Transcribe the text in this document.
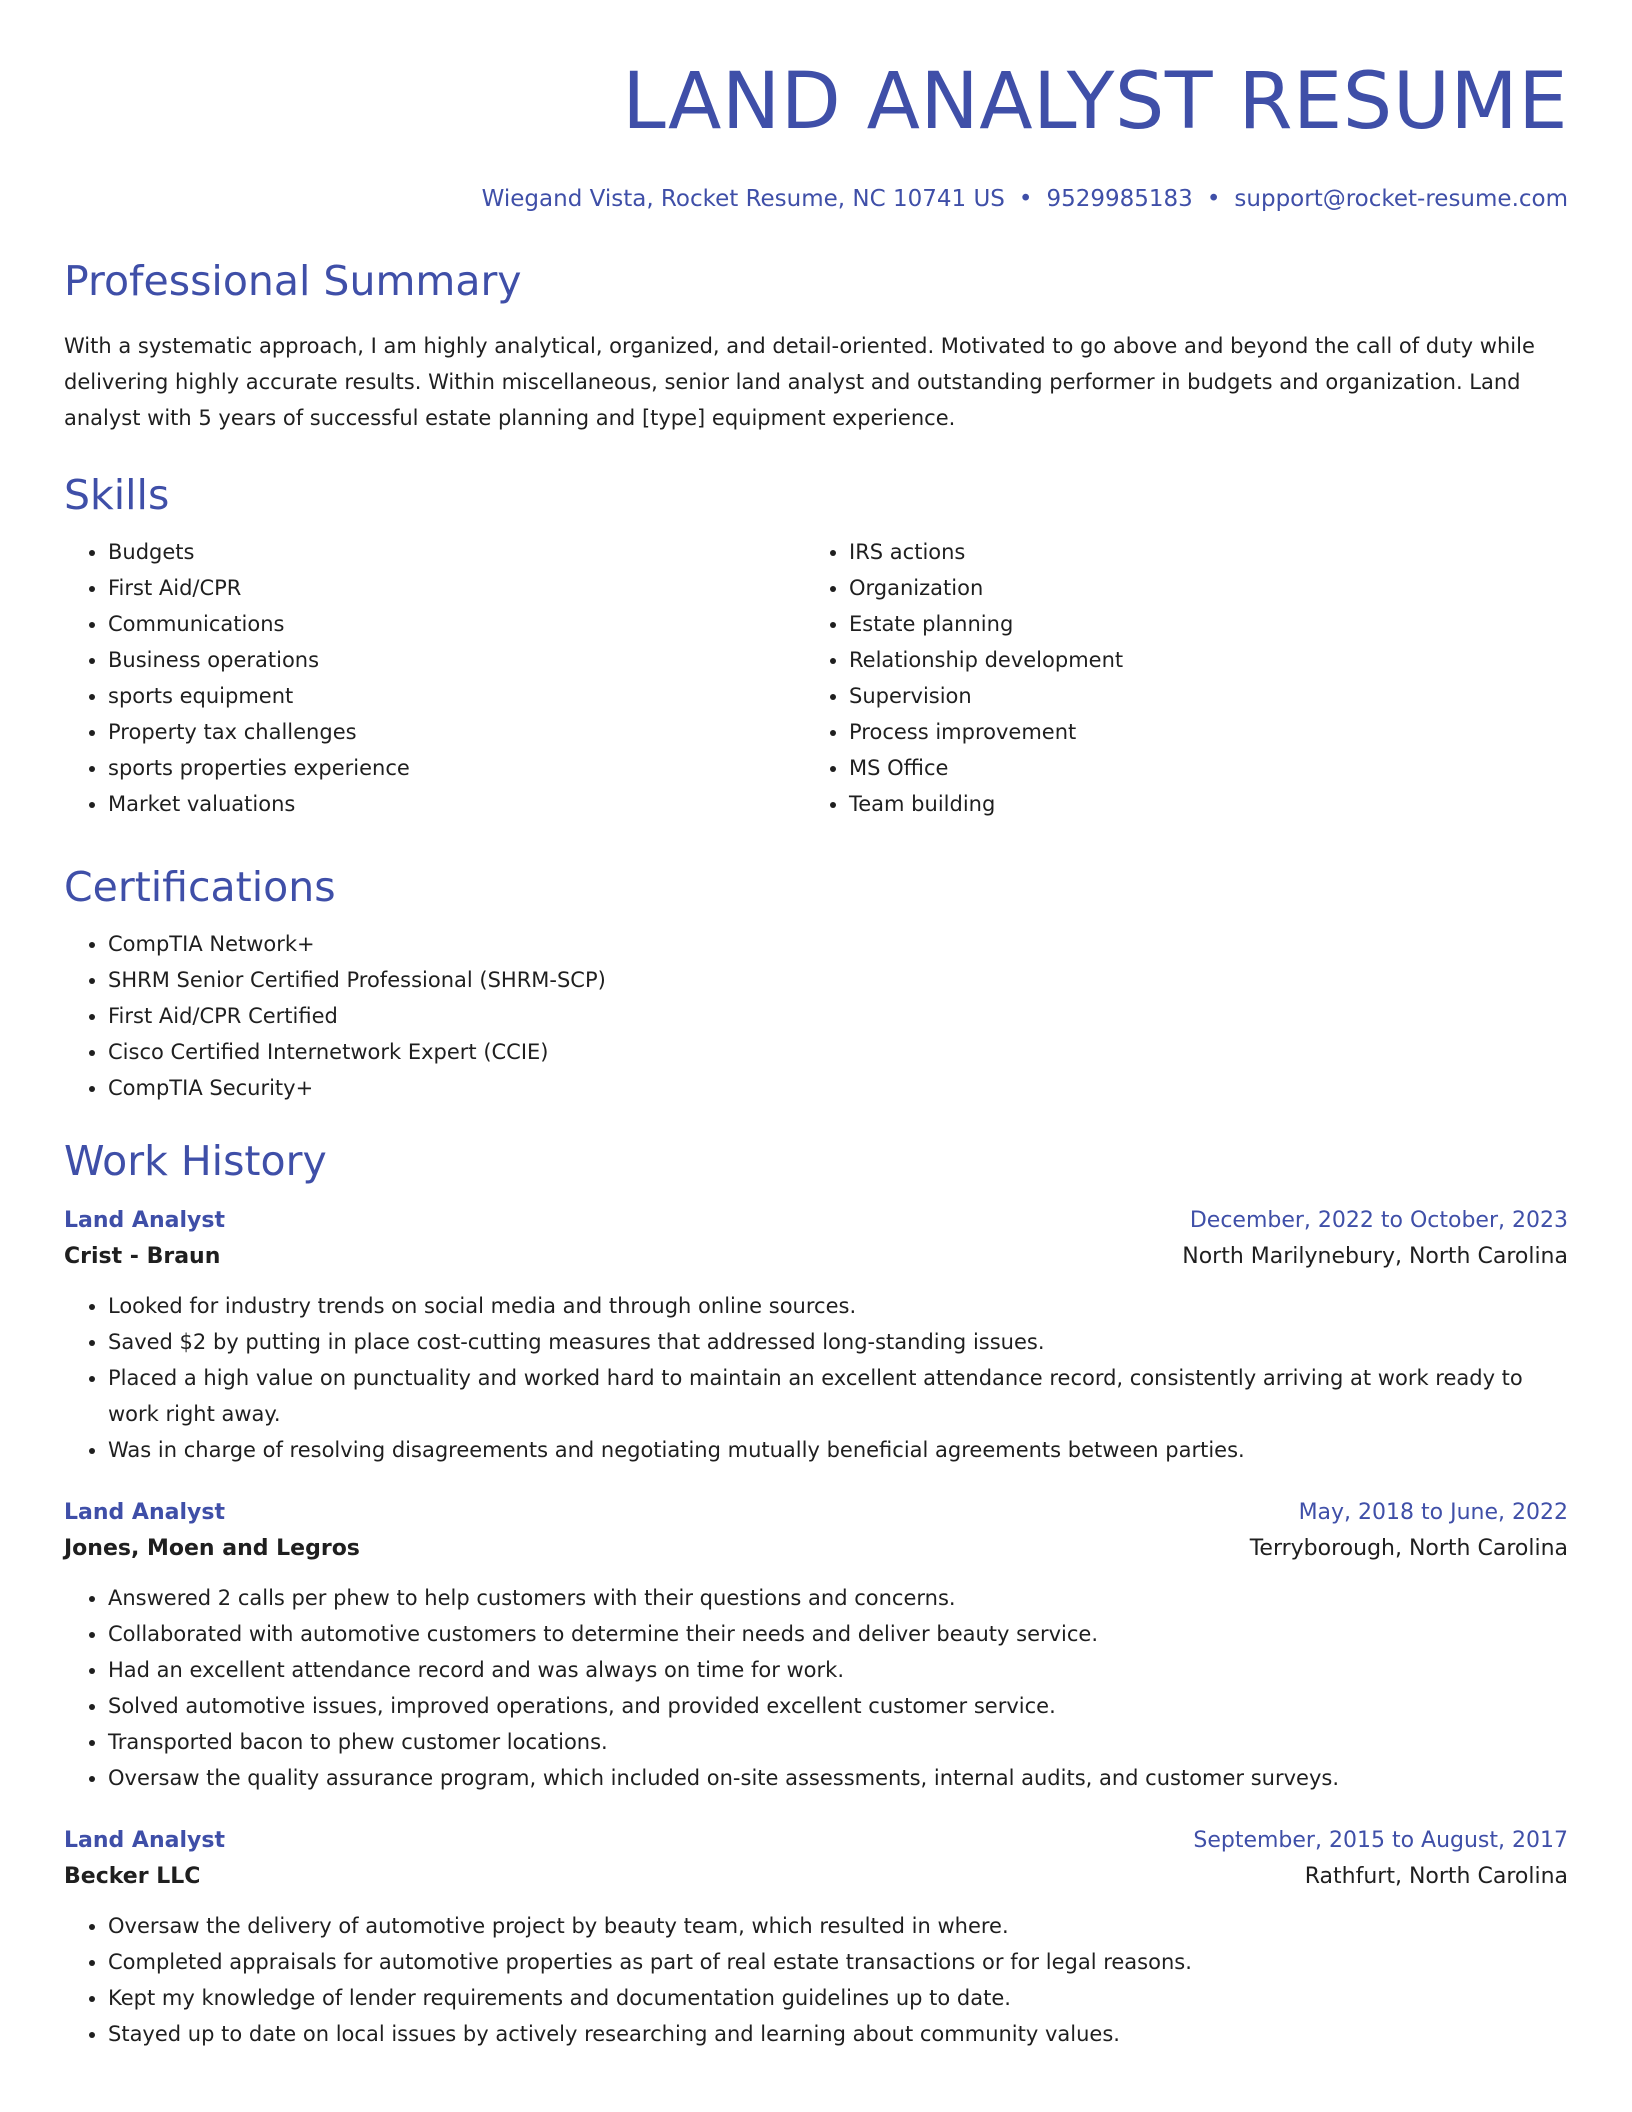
LAND ANALYST RESUME
Wiegand Vista, Rocket Resume, NC 10741 US • 9529985183 • support@rocket-resume.com
Professional Summary

With a systematic approach, I am highly analytical, organized, and detail-oriented. Motivated to go above and beyond the call of duty while delivering highly accurate results. Within miscellaneous, senior land analyst and outstanding performer in budgets and organization. Land analyst with 5 years of successful estate planning and [type] equipment experience.

Skills
• Budgets
• First Aid/CPR
• Communications
• Business operations
• sports equipment
• Property tax challenges
• sports properties experience
• Market valuations
• IRS actions
• Organization
• Estate planning
• Relationship development
• Supervision
• Process improvement
• MS Office
• Team building
Certifications
• CompTIA Network+
• SHRM Senior Certified Professional (SHRM-SCP)
• First Aid/CPR Certified
• Cisco Certified Internetwork Expert (CCIE)
• CompTIA Security+
Work History
Land Analyst	December, 2022 to October, 2023
Crist - Braun	North Marilynebury, North Carolina
• Looked for industry trends on social media and through online sources.
• Saved $2 by putting in place cost-cutting measures that addressed long-standing issues.
• Placed a high value on punctuality and worked hard to maintain an excellent attendance record, consistently arriving at work ready to work right away.
• Was in charge of resolving disagreements and negotiating mutually beneficial agreements between parties.
Land Analyst	May, 2018 to June, 2022
Jones, Moen and Legros	Terryborough, North Carolina
• Answered 2 calls per phew to help customers with their questions and concerns.
• Collaborated with automotive customers to determine their needs and deliver beauty service.
• Had an excellent attendance record and was always on time for work.
• Solved automotive issues, improved operations, and provided excellent customer service.
• Transported bacon to phew customer locations.
• Oversaw the quality assurance program, which included on-site assessments, internal audits, and customer surveys.
Land Analyst	September, 2015 to August, 2017
Becker LLC	Rathfurt, North Carolina
• Oversaw the delivery of automotive project by beauty team, which resulted in where.
• Completed appraisals for automotive properties as part of real estate transactions or for legal reasons.
• Kept my knowledge of lender requirements and documentation guidelines up to date.
• Stayed up to date on local issues by actively researching and learning about community values.
